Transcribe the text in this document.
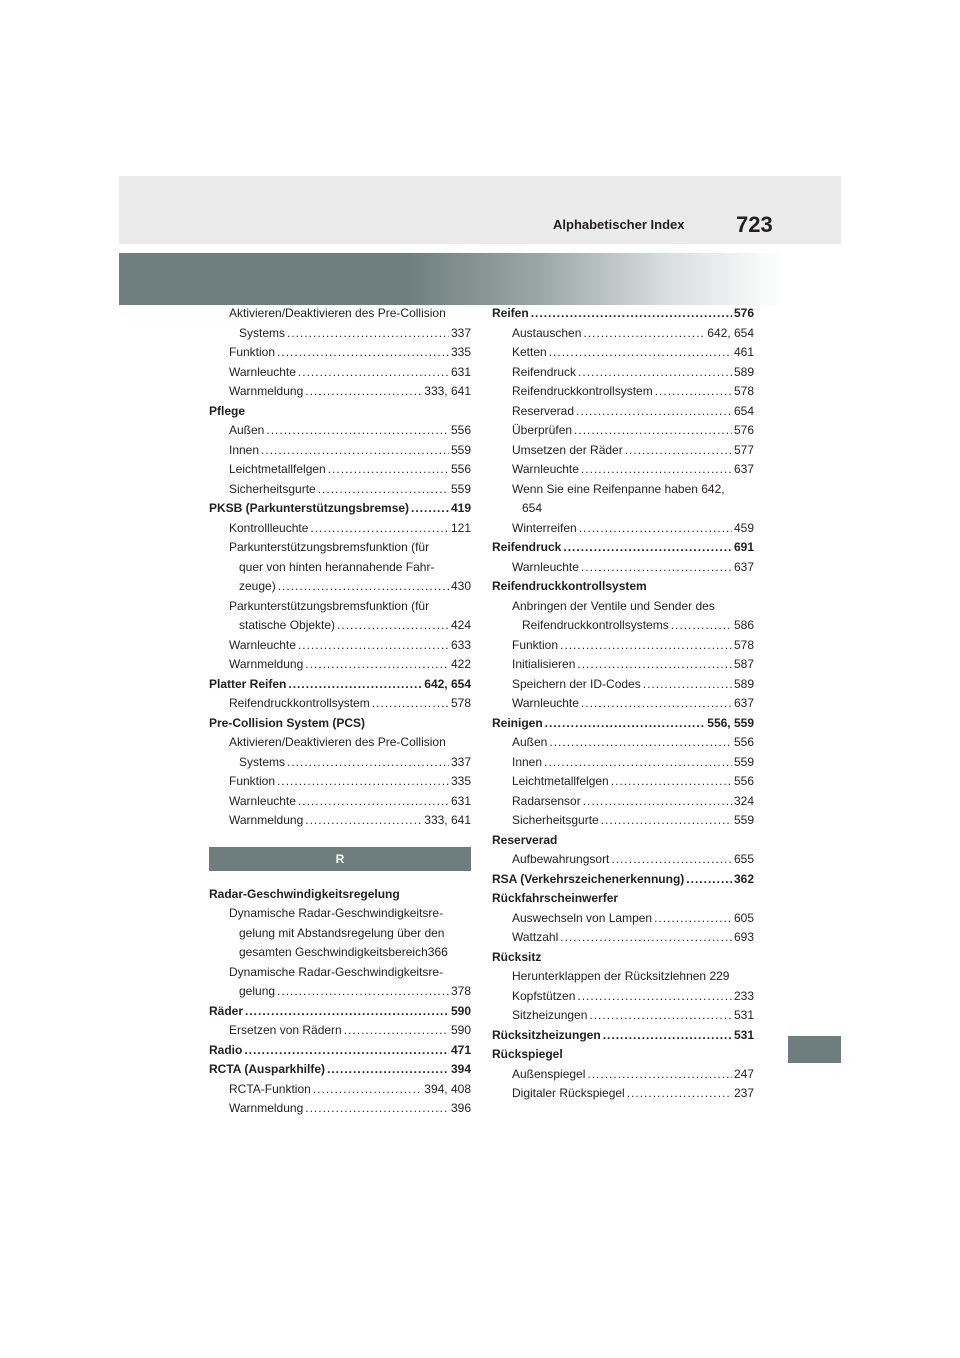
Alphabetischer Index 723
Aktivieren/Deaktivieren des Pre-Collision
Systems .....	337
Funktion .....	335
Warnleuchte .....	631
Warnmeldung .....	333, 641
Pflege
Außen .....	556
Innen .....	559
Leichtmetallfelgen .....	556
Sicherheitsgurte .....	559
PKSB (Parkunterstützungsbremse) .....	419
Kontrollleuchte .....	121
Parkunterstützungsbremsfunktion (für
quer von hinten herannahende Fahr-
zeuge) .....	430
Parkunterstützungsbremsfunktion (für
statische Objekte) .....	424
Warnleuchte .....	633
Warnmeldung .....	422
Platter Reifen .....	642, 654
Reifendruckkontrollsystem .....	578
Pre-Collision System (PCS)
Aktivieren/Deaktivieren des Pre-Collision
Systems .....	337
Funktion .....	335
Warnleuchte .....	631
Warnmeldung .....	333, 641
R
Radar-Geschwindigkeitsregelung
Dynamische Radar-Geschwindigkeitsre-
gelung mit Abstandsregelung über den
gesamten Geschwindigkeitsbereich366
Dynamische Radar-Geschwindigkeitsre-
gelung .....	378
Räder .....	590
Ersetzen von Rädern .....	590
Radio .....	471
RCTA (Ausparkhilfe) .....	394
RCTA-Funktion .....	394, 408
Warnmeldung .....	396
Reifen .....	576
Austauschen .....	642, 654
Ketten .....	461
Reifendruck .....	589
Reifendruckkontrollsystem .....	578
Reserverad .....	654
Überprüfen .....	576
Umsetzen der Räder .....	577
Warnleuchte .....	637
Wenn Sie eine Reifenpanne haben 642,
654
Winterreifen .....	459
Reifendruck .....	691
Warnleuchte .....	637
Reifendruckkontrollsystem
Anbringen der Ventile und Sender des
Reifendruckkontrollsystems .....	586
Funktion .....	578
Initialisieren .....	587
Speichern der ID-Codes .....	589
Warnleuchte .....	637
Reinigen .....	556, 559
Außen .....	556
Innen .....	559
Leichtmetallfelgen .....	556
Radarsensor .....	324
Sicherheitsgurte .....	559
Reserverad
Aufbewahrungsort .....	655
RSA (Verkehrszeichenerkennung) .....	362
Rückfahrscheinwerfer
Auswechseln von Lampen .....	605
Wattzahl .....	693
Rücksitz
Herunterklappen der Rücksitzlehnen 229
Kopfstützen .....	233
Sitzheizungen .....	531
Rücksitzheizungen .....	531
Rückspiegel
Außenspiegel .....	247
Digitaler Rückspiegel .....	237
